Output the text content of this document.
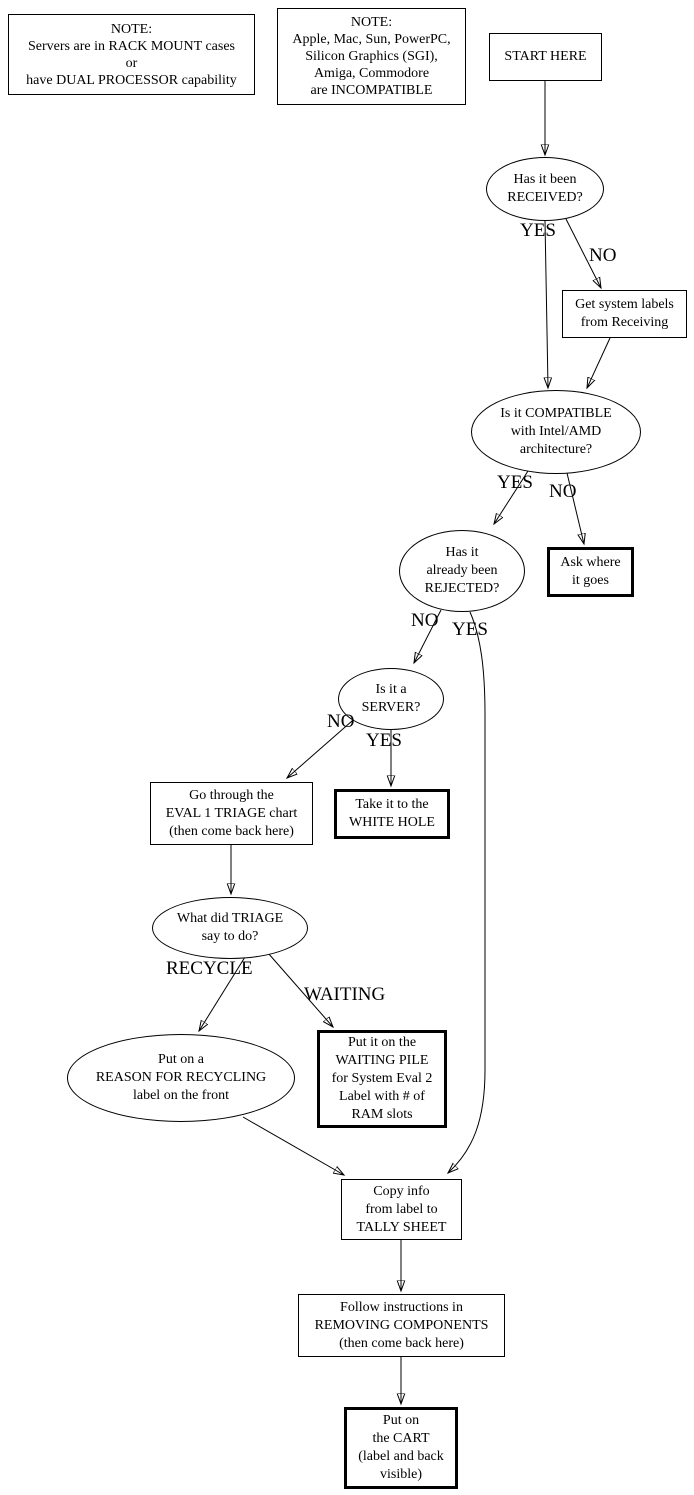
NOTE:
Servers are in RACK MOUNT cases
or
have DUAL PROCESSOR capability
NOTE:
Apple, Mac, Sun, PowerPC,
Silicon Graphics (SGI),
Amiga, Commodore
are INCOMPATIBLE
START HERE
Has it been
RECEIVED?
Get system labels
from Receiving
Is it COMPATIBLE
with Intel/AMD
architecture?
Has it
already been
REJECTED?
Ask where
it goes
Is it a
SERVER?
Go through the
EVAL 1 TRIAGE chart
(then come back here)
Take it to the
WHITE HOLE
What did TRIAGE
say to do?
Put on a
REASON FOR RECYCLING
label on the front
Put it on the
WAITING PILE
for System Eval 2
Label with # of
RAM slots
Copy info
from label to
TALLY SHEET
Follow instructions in
REMOVING COMPONENTS
(then come back here)
Put on
the CART
(label and back
visible)
YES
NO
YES NO
NO YES
NO
YES
RECYCLE
WAITING
